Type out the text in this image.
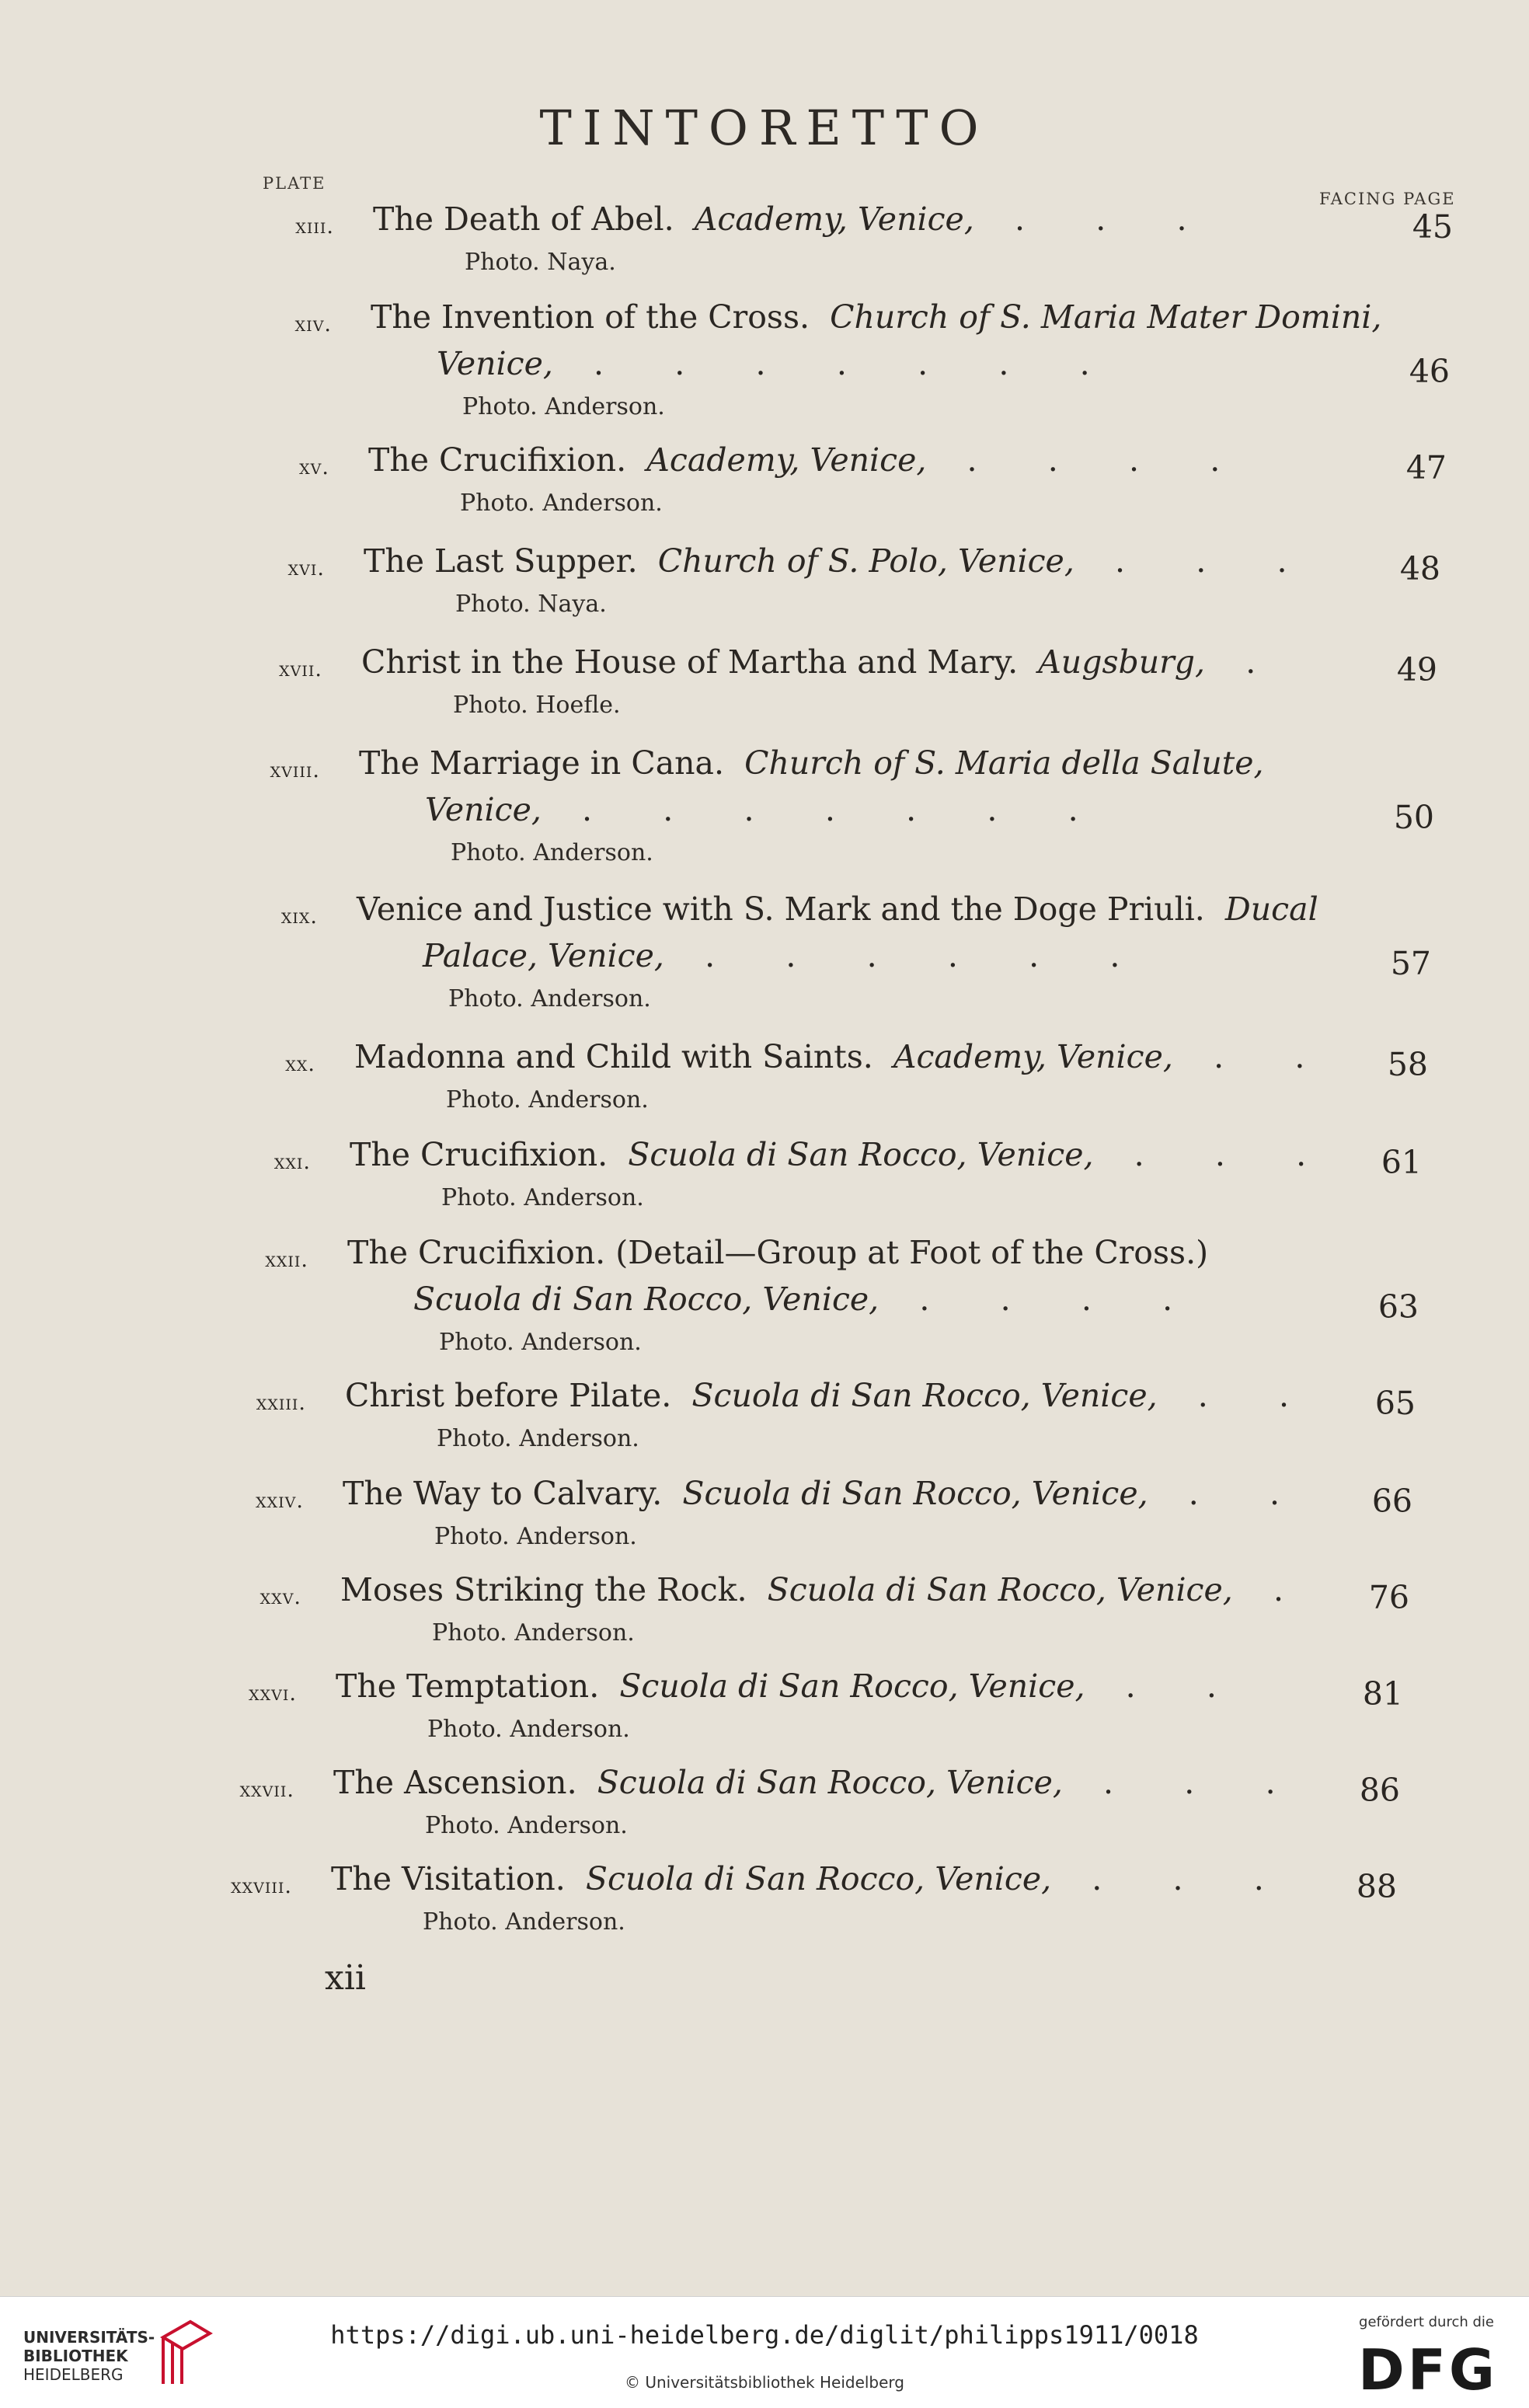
TINTORETTO
PLATE
FACING PAGE
xiii. The Death of Abel.
Academy, Venice,
.       .       .	45
Photo. Naya.
xiv. The Invention of the Cross.
Church of S. Maria Mater Domini,
Venice,
.       .       .       .       .       .       .	46
Photo. Anderson.
xv. The Crucifixion.
Academy, Venice,
.       .       .       .	47
Photo. Anderson.
xvi. The Last Supper.
Church of S. Polo, Venice,
.       .       .	48
Photo. Naya.
xvii. Christ in the House of Martha and Mary.
Augsburg,
.	49
Photo. Hoefle.
xviii. The Marriage in Cana.
Church of S. Maria della Salute,
Venice,
.       .       .       .       .       .       .	50
Photo. Anderson.
xix. Venice and Justice with S. Mark and the Doge Priuli.
Ducal
Palace, Venice,
.       .       .       .       .       .	57
Photo. Anderson.
xx. Madonna and Child with Saints.
Academy, Venice,
.       .	58
Photo. Anderson.
xxi. The Crucifixion.
Scuola di San Rocco, Venice,
.       .       .	61
Photo. Anderson.
xxii. The Crucifixion. (Detail—Group at Foot of the Cross.)
Scuola di San Rocco, Venice,
.       .       .       .	63
Photo. Anderson.
xxiii. Christ before Pilate.
Scuola di San Rocco, Venice,
.       .	65
Photo. Anderson.
xxiv. The Way to Calvary.
Scuola di San Rocco, Venice,
.       .	66
Photo. Anderson.
xxv. Moses Striking the Rock.
Scuola di San Rocco, Venice,
.	76
Photo. Anderson.
xxvi. The Temptation.
Scuola di San Rocco, Venice,
.       .	81
Photo. Anderson.
xxvii. The Ascension.
Scuola di San Rocco, Venice,
.       .       .	86
Photo. Anderson.
xxviii. The Visitation.
Scuola di San Rocco, Venice,
.       .       .	88
Photo. Anderson.
xii
UNIVERSITÄTS-
BIBLIOTHEK
HEIDELBERG
https://digi.ub.uni-heidelberg.de/diglit/philipps1911/0018
© Universitätsbibliothek Heidelberg
gefördert durch die
DFG
